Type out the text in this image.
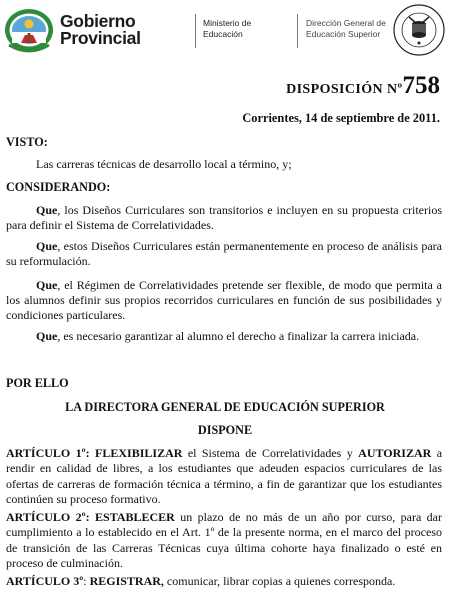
Gobierno
Provincial
Ministerio de
Educación
Dirección General de
Educación Superior
DISPOSICIÓN Nº758
Corrientes, 14 de septiembre de 2011.
VISTO:
Las carreras técnicas de desarrollo local a término, y;
CONSIDERANDO:
Que, los Diseños Curriculares son transitorios e incluyen en su propuesta criterios para definir el Sistema de Correlatividades.
Que, estos Diseños Curriculares están permanentemente en proceso de análisis para su reformulación.
Que, el Régimen de Correlatividades pretende ser flexible, de modo que permita a los alumnos definir sus propios recorridos curriculares en función de sus posibilidades y condiciones particulares.
Que, es necesario garantizar al alumno el derecho a finalizar la carrera iniciada.
POR ELLO
LA DIRECTORA GENERAL DE EDUCACIÓN SUPERIOR
DISPONE
ARTÍCULO 1º: FLEXIBILIZAR el Sistema de Correlatividades y AUTORIZAR a rendir en calidad de libres, a los estudiantes que adeuden espacios curriculares de las ofertas de carreras de formación técnica a término, a fin de garantizar que los estudiantes continúen su proceso formativo.
ARTÍCULO 2º: ESTABLECER un plazo de no más de un año por curso, para dar cumplimiento a lo establecido en el Art. 1º de la presente norma, en el marco del proceso de transición de las Carreras Técnicas cuya última cohorte haya finalizado o esté en proceso de culminación.
ARTÍCULO 3º: REGISTRAR, comunicar, librar copias a quienes corresponda.
